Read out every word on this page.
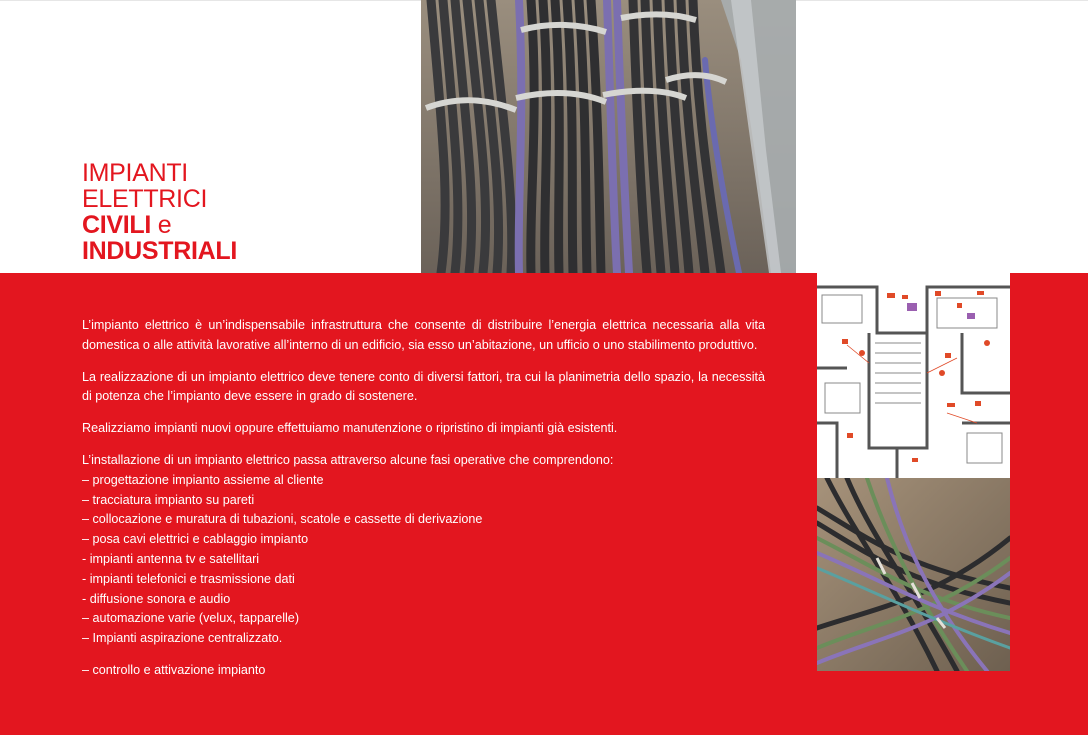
IMPIANTI
ELETTRICI
CIVILI e
INDUSTRIALI

L’impianto elettrico è un’indispensabile infrastruttura che consente di distribuire l’energia elettrica necessaria alla vita domestica o alle attività lavorative all’interno di un edificio, sia esso un’abitazione, un ufficio o uno stabilimento produttivo.

La realizzazione di un impianto elettrico deve tenere conto di diversi fattori, tra cui la planimetria dello spazio, la necessità di potenza che l’impianto deve essere in grado di sostenere.

Realizziamo impianti nuovi oppure effettuiamo manutenzione o ripristino di impianti già esistenti.

L’installazione di un impianto elettrico passa attraverso alcune fasi operative che comprendono:

– progettazione impianto assieme al cliente
– tracciatura impianto su pareti
– collocazione e muratura di tubazioni, scatole e cassette di derivazione
– posa cavi elettrici e cablaggio impianto
- impianti antenna tv e satellitari
- impianti telefonici e trasmissione dati
- diffusione sonora e audio
– automazione varie (velux, tapparelle)
– Impianti aspirazione centralizzato.
– controllo e attivazione impianto
